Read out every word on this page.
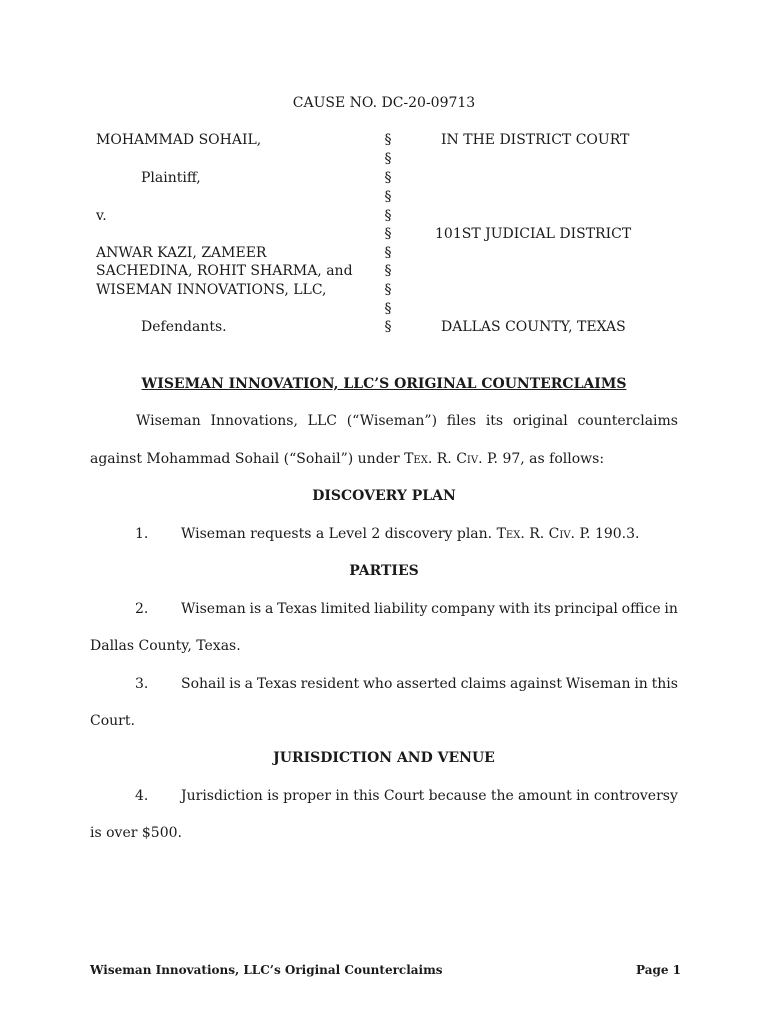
CAUSE NO. DC-20-09713
MOHAMMAD SOHAIL,
Plaintiff,
v.
ANWAR KAZI, ZAMEER
SACHEDINA, ROHIT SHARMA, and
WISEMAN INNOVATIONS, LLC,
Defendants.
§
§
§
§
§
§
§
§
§
§
§
IN THE DISTRICT COURT
101ST JUDICIAL DISTRICT
DALLAS COUNTY, TEXAS
WISEMAN INNOVATION, LLC’S ORIGINAL COUNTERCLAIMS
Wiseman Innovations, LLC (“Wiseman”) files its original counterclaims
against Mohammad Sohail (“Sohail”) under Tex. R. Civ. P. 97, as follows:
DISCOVERY PLAN
1. Wiseman requests a Level 2 discovery plan. Tex. R. Civ. P. 190.3.
PARTIES
2. Wiseman is a Texas limited liability company with its principal office in
Dallas County, Texas.
3. Sohail is a Texas resident who asserted claims against Wiseman in this
Court.
JURISDICTION AND VENUE
4. Jurisdiction is proper in this Court because the amount in controversy
is over $500.
Wiseman Innovations, LLC’s Original Counterclaims	Page 1
